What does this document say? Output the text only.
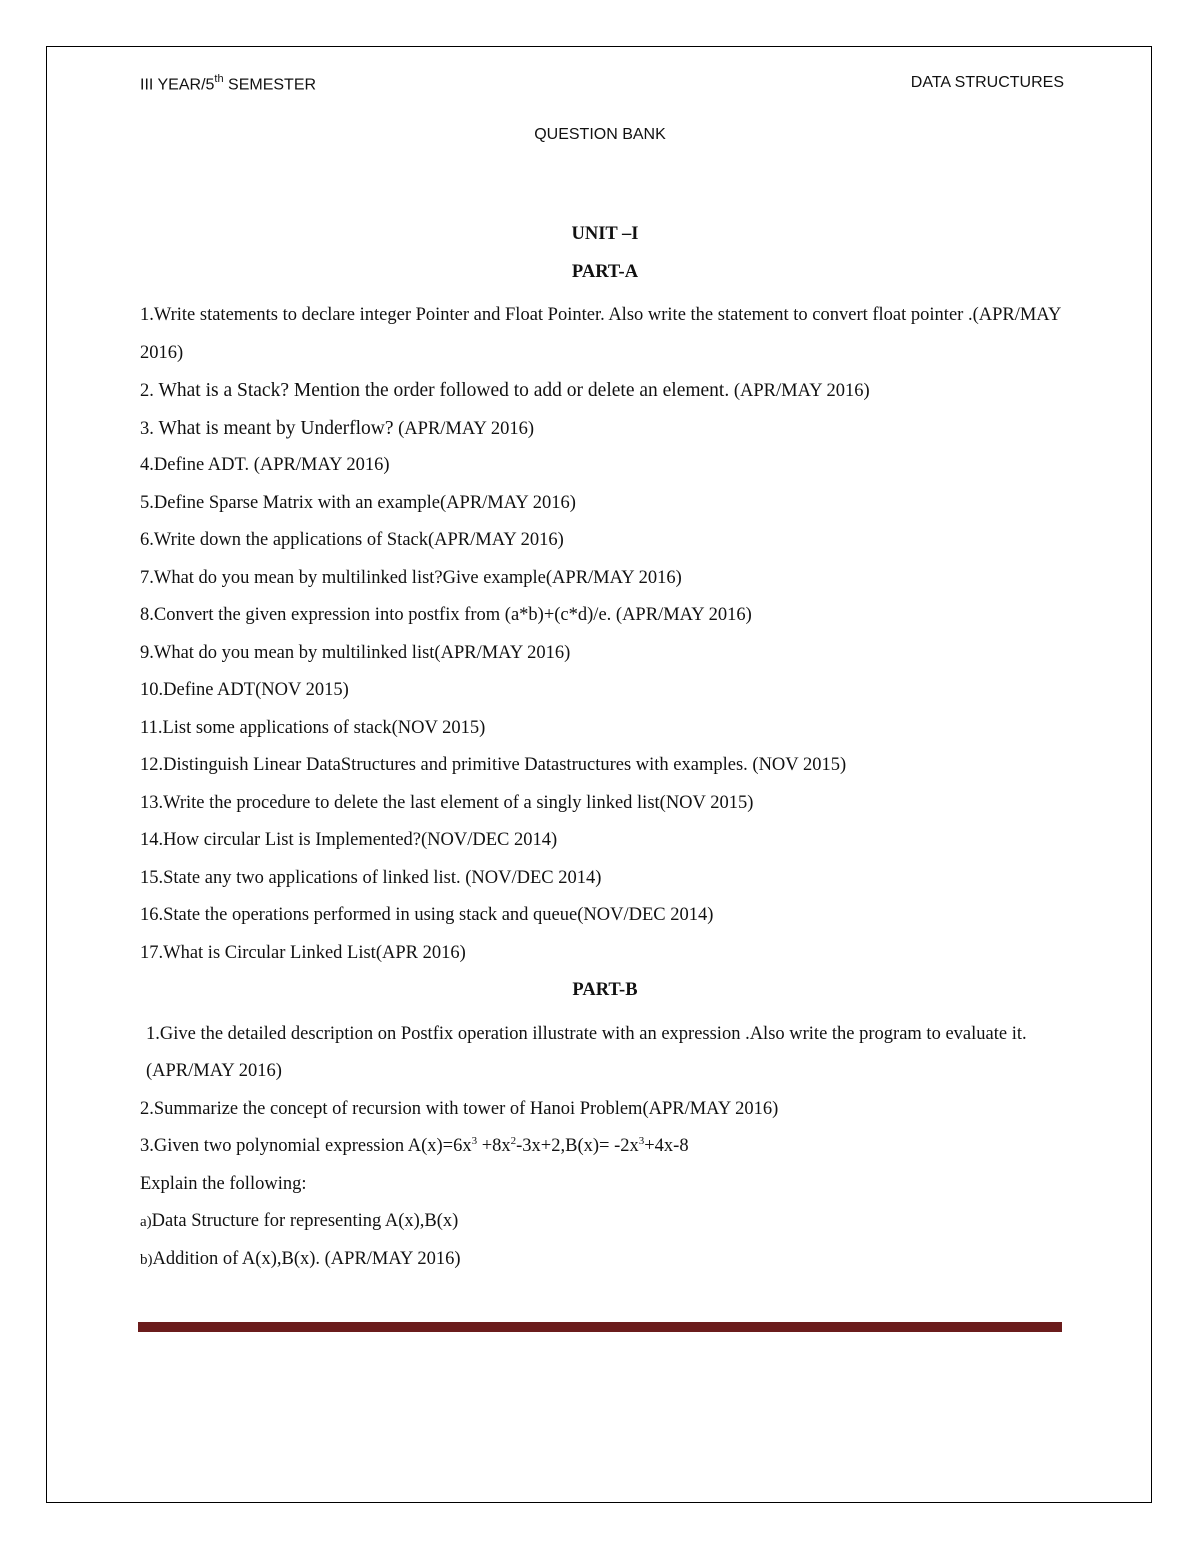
III YEAR/5th SEMESTER	DATA STRUCTURES
QUESTION BANK
UNIT –I
PART-A
1.Write statements to declare integer Pointer and Float Pointer. Also write the statement to convert float pointer .(APR/MAY 2016)
2. What is a Stack? Mention the order followed to add or delete an element. (APR/MAY 2016)
3. What is meant by Underflow? (APR/MAY 2016)
4.Define ADT. (APR/MAY 2016)
5.Define Sparse Matrix with an example(APR/MAY 2016)
6.Write down the applications of Stack(APR/MAY 2016)
7.What do you mean by multilinked list?Give example(APR/MAY 2016)
8.Convert the given expression into postfix from (a*b)+(c*d)/e. (APR/MAY 2016)
9.What do you mean by multilinked list(APR/MAY 2016)
10.Define ADT(NOV 2015)
11.List some applications of stack(NOV 2015)
12.Distinguish Linear DataStructures and primitive Datastructures with examples. (NOV 2015)
13.Write the procedure to delete the last element of a singly linked list(NOV 2015)
14.How circular List is Implemented?(NOV/DEC 2014)
15.State any two applications of linked list. (NOV/DEC 2014)
16.State the operations performed in using stack and queue(NOV/DEC 2014)
17.What is Circular Linked List(APR 2016)
PART-B
1.Give the detailed description on Postfix operation illustrate with an expression .Also write the program to evaluate it. (APR/MAY 2016)
2.Summarize the concept of recursion with tower of Hanoi Problem(APR/MAY 2016)
3.Given two polynomial expression $A(x)=6x^3 +8x^2-3x+2,B(x)= -2x^3+4x-8$
Explain the following:
a)Data Structure for representing A(x),B(x)
b)Addition of A(x),B(x). (APR/MAY 2016)
